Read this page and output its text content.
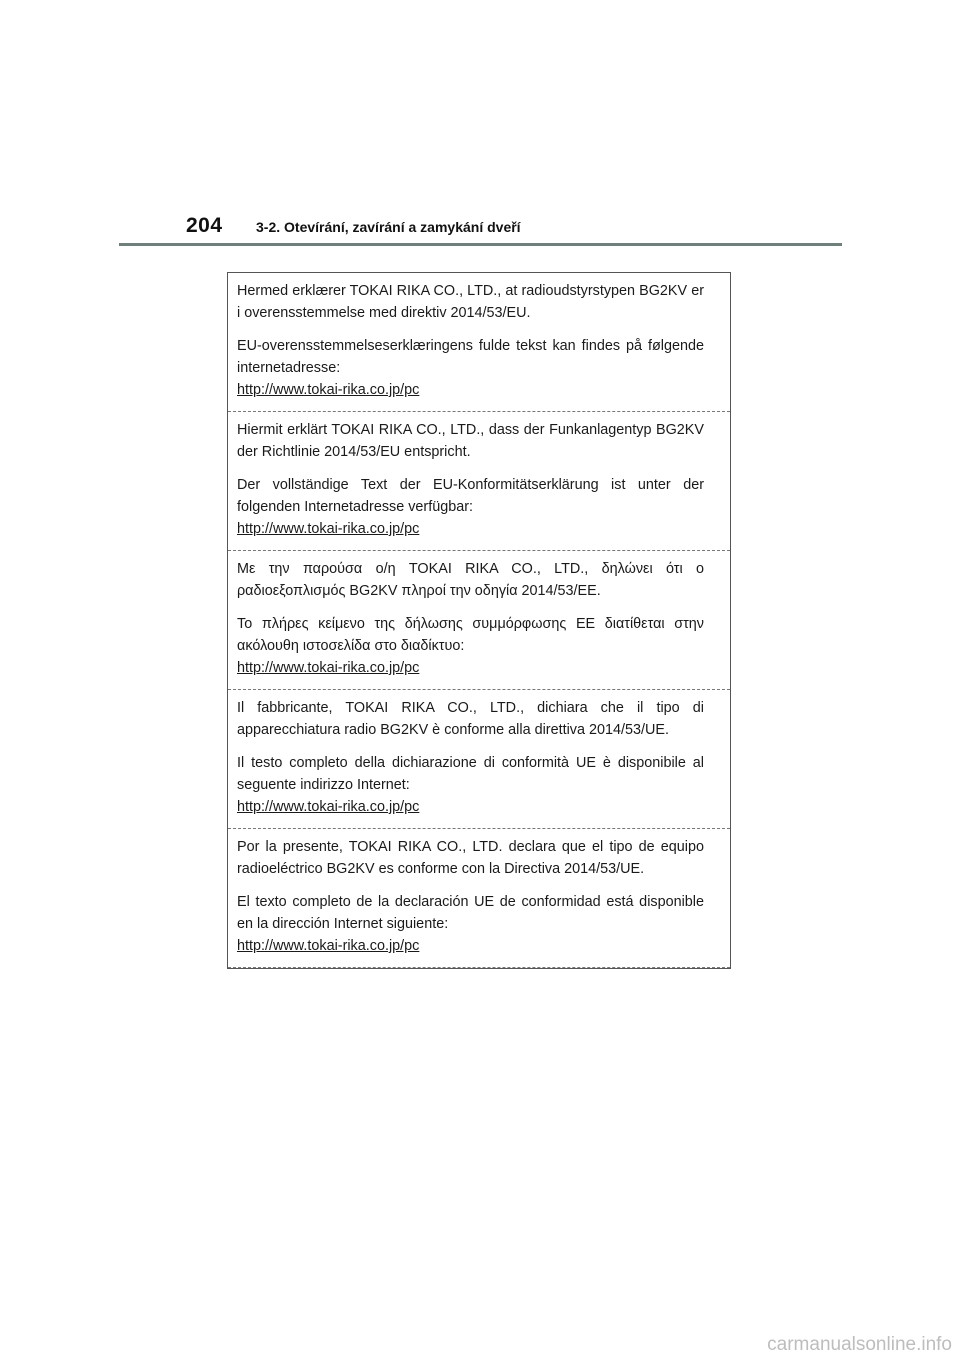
204 3-2. Otevírání, zavírání a zamykání dveří

Hermed erklærer TOKAI RIKA CO., LTD., at radioudstyrstypen BG2KV er i overensstemmelse med direktiv 2014/53/EU.

EU-overensstemmelseserklæringens fulde tekst kan findes på følgende internetadresse:
http://www.tokai-rika.co.jp/pc

Hiermit erklärt TOKAI RIKA CO., LTD., dass der Funkanlagentyp BG2KV der Richtlinie 2014/53/EU entspricht.

Der vollständige Text der EU-Konformitätserklärung ist unter der folgenden Internetadresse verfügbar:
http://www.tokai-rika.co.jp/pc

Με την παρούσα ο/η TOKAI RIKA CO., LTD., δηλώνει ότι ο ραδιοεξοπλισμός BG2KV πληροί την οδηγία 2014/53/ΕΕ.

Το πλήρες κείμενο της δήλωσης συμμόρφωσης ΕΕ διατίθεται στην ακόλουθη ιστοσελίδα στο διαδίκτυο:
http://www.tokai-rika.co.jp/pc

Il fabbricante, TOKAI RIKA CO., LTD., dichiara che il tipo di apparecchiatura radio BG2KV è conforme alla direttiva 2014/53/UE.

Il testo completo della dichiarazione di conformità UE è disponibile al seguente indirizzo Internet:
http://www.tokai-rika.co.jp/pc

Por la presente, TOKAI RIKA CO., LTD. declara que el tipo de equipo radioeléctrico BG2KV es conforme con la Directiva 2014/53/UE.

El texto completo de la declaración UE de conformidad está disponible en la dirección Internet siguiente:
http://www.tokai-rika.co.jp/pc

carmanualsonline.info
